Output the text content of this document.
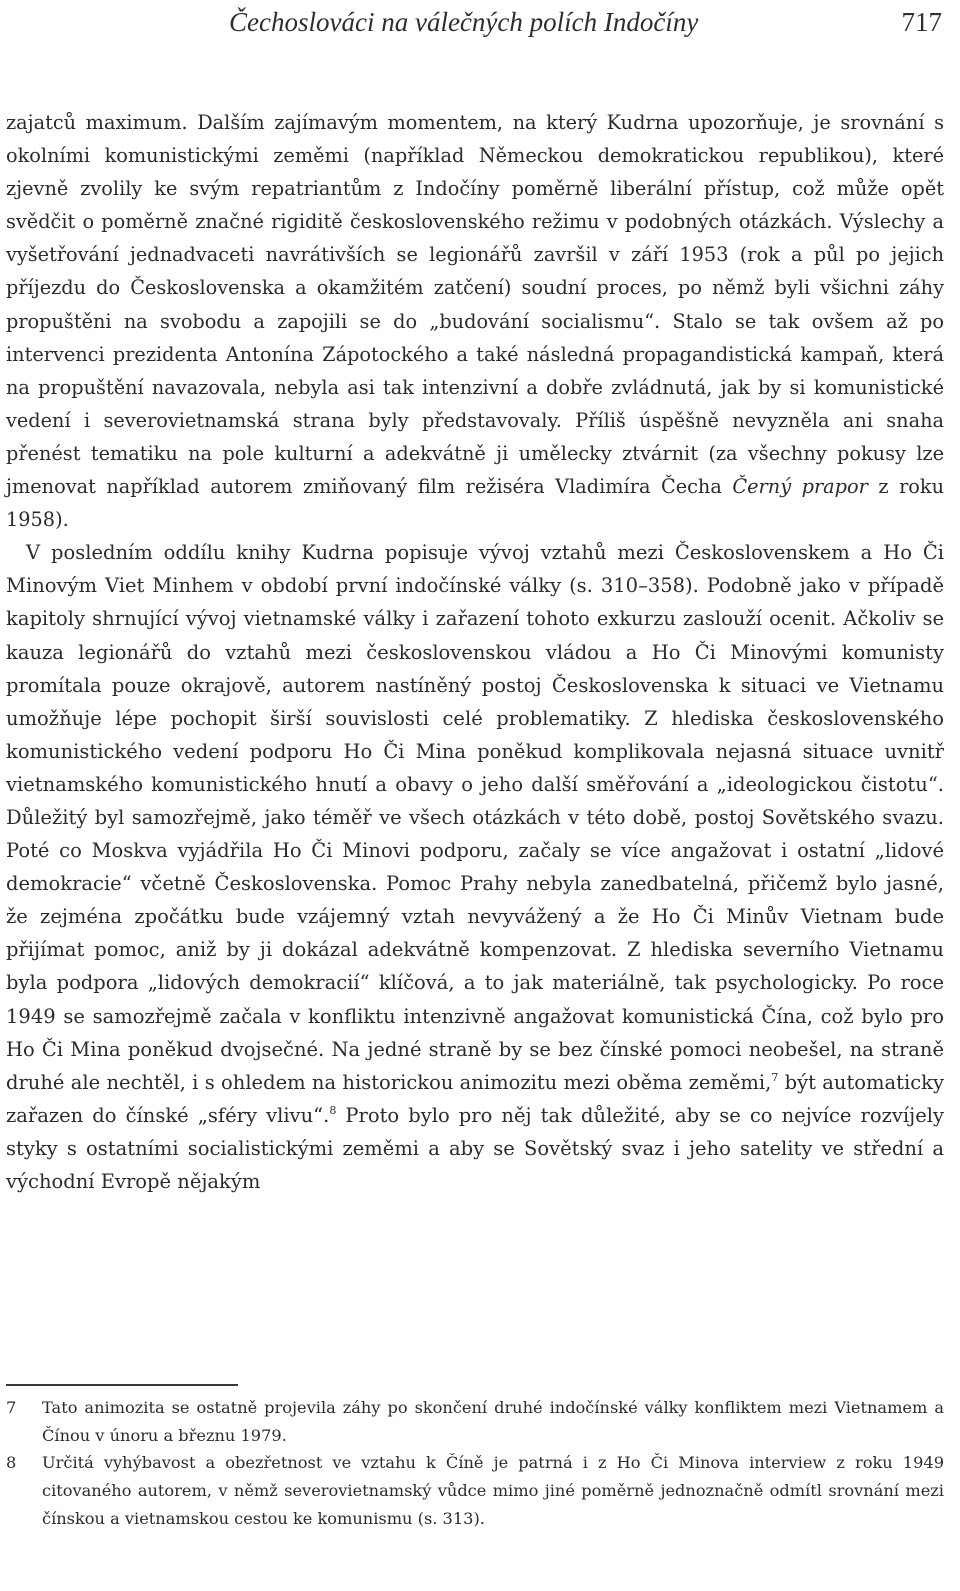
Čechoslováci na válečných polích Indočíny	717

zajatců maximum. Dalším zajímavým momentem, na který Kudrna upozorňuje, je srovnání s okolními komunistickými zeměmi (například Německou demokratickou republikou), které zjevně zvolily ke svým repatriantům z Indočíny poměrně liberální přístup, což může opět svědčit o poměrně značné rigiditě československého režimu v podobných otázkách. Výslechy a vyšetřování jednadvaceti navrátivších se legionářů završil v září 1953 (rok a půl po jejich příjezdu do Československa a okamžitém zatčení) soudní proces, po němž byli všichni záhy propuštěni na svobodu a zapojili se do „budování socialismu“. Stalo se tak ovšem až po intervenci prezidenta Antonína Zápotockého a také následná propagandistická kampaň, která na propuštění navazovala, nebyla asi tak intenzivní a dobře zvládnutá, jak by si komunistické vedení i severovietnamská strana byly představovaly. Příliš úspěšně nevyzněla ani snaha přenést tematiku na pole kulturní a adekvátně ji umělecky ztvárnit (za všechny pokusy lze jmenovat například autorem zmiňovaný film režiséra Vladimíra Čecha Černý prapor z roku 1958).

V posledním oddílu knihy Kudrna popisuje vývoj vztahů mezi Československem a Ho Či Minovým Viet Minhem v období první indočínské války (s. 310–358). Podobně jako v případě kapitoly shrnující vývoj vietnamské války i zařazení tohoto exkurzu zaslouží ocenit. Ačkoliv se kauza legionářů do vztahů mezi československou vládou a Ho Či Minovými komunisty promítala pouze okrajově, autorem nastíněný postoj Československa k situaci ve Vietnamu umožňuje lépe pochopit širší souvislosti celé problematiky. Z hlediska československého komunistického vedení podporu Ho Či Mina poněkud komplikovala nejasná situace uvnitř vietnamského komunistického hnutí a obavy o jeho další směřování a „ideologickou čistotu“. Důležitý byl samozřejmě, jako téměř ve všech otázkách v této době, postoj Sovětského svazu. Poté co Moskva vyjádřila Ho Či Minovi podporu, začaly se více angažovat i ostatní „lidové demokracie“ včetně Československa. Pomoc Prahy nebyla zanedbatelná, přičemž bylo jasné, že zejména zpočátku bude vzájemný vztah nevyvážený a že Ho Či Minův Vietnam bude přijímat pomoc, aniž by ji dokázal adekvátně kompenzovat. Z hlediska severního Vietnamu byla podpora „lidových demokracií“ klíčová, a to jak materiálně, tak psychologicky. Po roce 1949 se samozřejmě začala v konfliktu intenzivně angažovat komunistická Čína, což bylo pro Ho Či Mina poněkud dvojsečné. Na jedné straně by se bez čínské pomoci neobešel, na straně druhé ale nechtěl, i s ohledem na historickou animozitu mezi oběma zeměmi,$^7$ být automaticky zařazen do čínské „sféry vlivu“.$^8$ Proto bylo pro něj tak důležité, aby se co nejvíce rozvíjely styky s ostatními socialistickými zeměmi a aby se Sovětský svaz i jeho satelity ve střední a východní Evropě nějakým

7 Tato animozita se ostatně projevila záhy po skončení druhé indočínské války konfliktem mezi Vietnamem a Čínou v únoru a březnu 1979.
8 Určitá vyhýbavost a obezřetnost ve vztahu k Číně je patrná i z Ho Či Minova interview z roku 1949 citovaného autorem, v němž severovietnamský vůdce mimo jiné poměrně jednoznačně odmítl srovnání mezi čínskou a vietnamskou cestou ke komunismu (s. 313).
